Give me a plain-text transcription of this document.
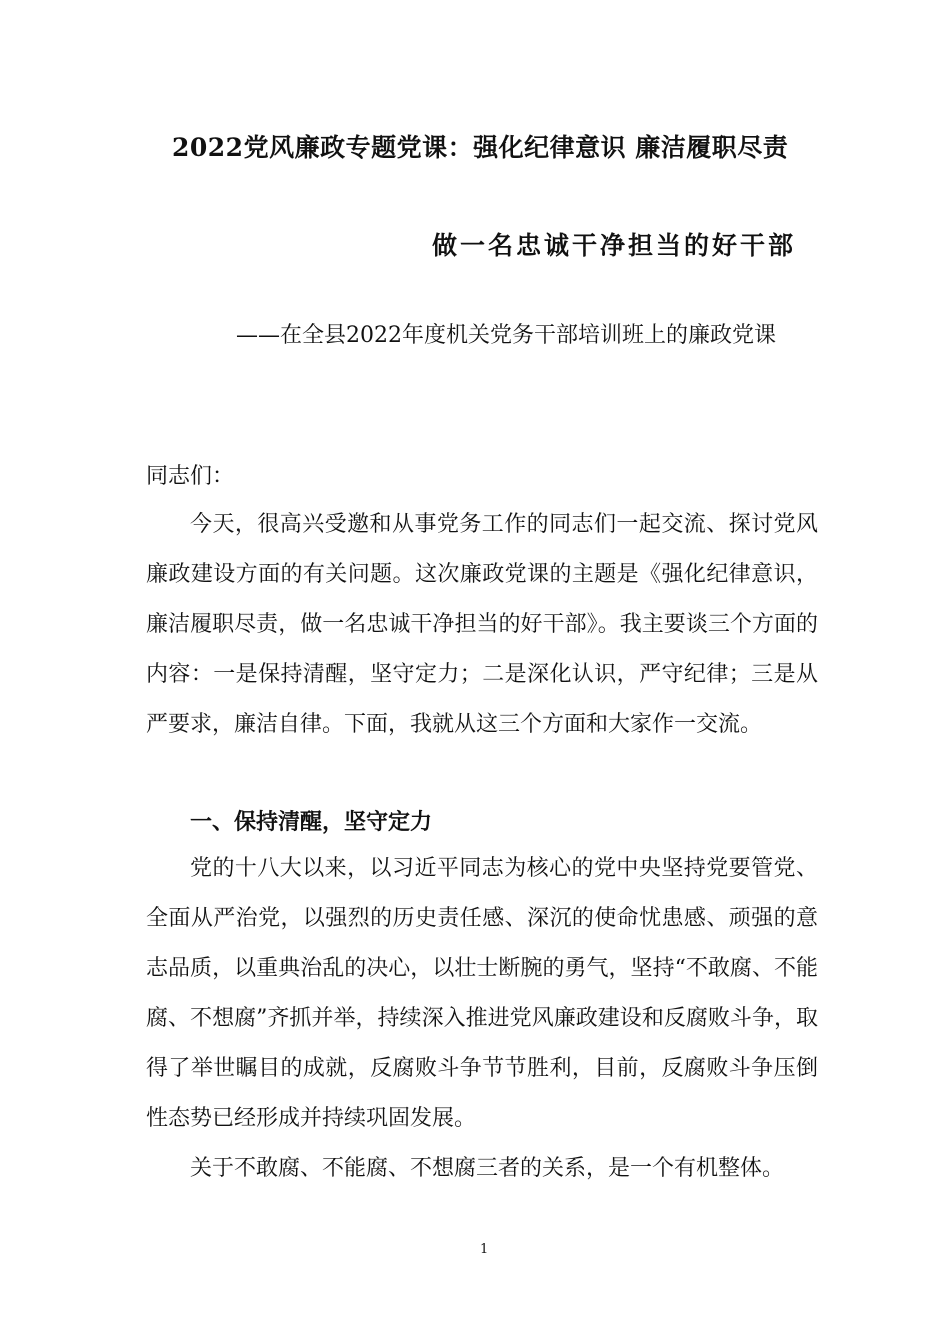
2022党风廉政专题党课：强化纪律意识 廉洁履职尽责
做一名忠诚干净担当的好干部
——在全县2022年度机关党务干部培训班上的廉政党课
同志们：
今天，很高兴受邀和从事党务工作的同志们一起交流、探讨党风廉政建设方面的有关问题。这次廉政党课的主题是《强化纪律意识，廉洁履职尽责，做一名忠诚干净担当的好干部》。我主要谈三个方面的内容：一是保持清醒，坚守定力；二是深化认识，严守纪律；三是从严要求，廉洁自律。下面，我就从这三个方面和大家作一交流。
一、保持清醒，坚守定力
党的十八大以来，以习近平同志为核心的党中央坚持党要管党、全面从严治党，以强烈的历史责任感、深沉的使命忧患感、顽强的意志品质，以重典治乱的决心，以壮士断腕的勇气，坚持“不敢腐、不能腐、不想腐”齐抓并举，持续深入推进党风廉政建设和反腐败斗争，取得了举世瞩目的成就，反腐败斗争节节胜利，目前，反腐败斗争压倒性态势已经形成并持续巩固发展。
关于不敢腐、不能腐、不想腐三者的关系，是一个有机整体。
1
